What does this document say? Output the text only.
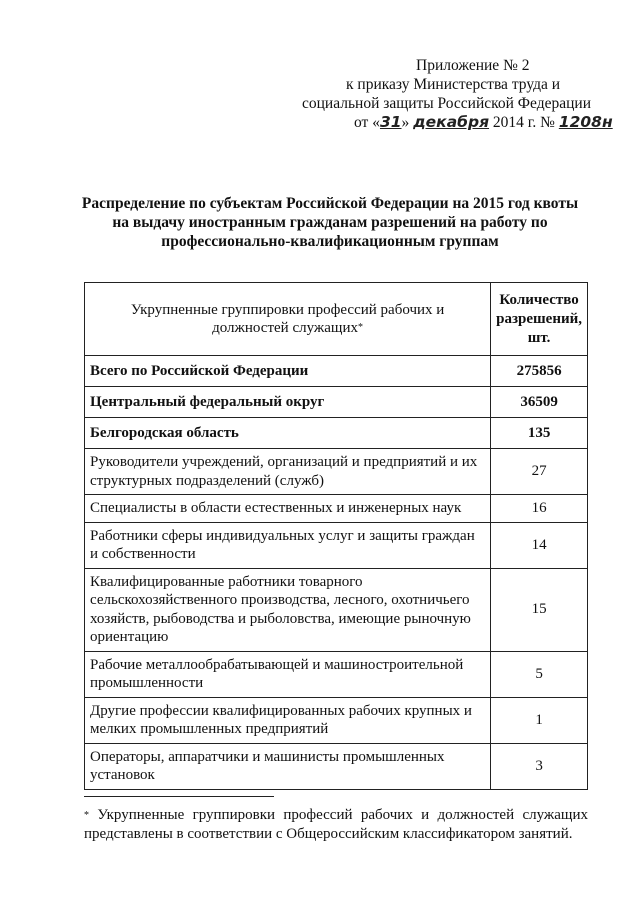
Приложение № 2
к приказу Министерства труда и
социальной защиты Российской Федерации
от «31» декабря 2014 г. № 1208н
Распределение по субъектам Российской Федерации на 2015 год квоты
на выдачу иностранным гражданам разрешений на работу по
профессионально-квалификационным группам
Укрупненные группировки профессий рабочих и должностей служащих*	Количество разрешений, шт.
Всего по Российской Федерации	275856
Центральный федеральный округ	36509
Белгородская область	135
Руководители учреждений, организаций и предприятий и их структурных подразделений (служб)	27
Специалисты в области естественных и инженерных наук	16
Работники сферы индивидуальных услуг и защиты граждан и собственности	14
Квалифицированные работники товарного сельскохозяйственного производства, лесного, охотничьего хозяйств, рыбоводства и рыболовства, имеющие рыночную ориентацию	15
Рабочие металлообрабатывающей и машиностроительной промышленности	5
Другие профессии квалифицированных рабочих крупных и мелких промышленных предприятий	1
Операторы, аппаратчики и машинисты промышленных установок	3
* Укрупненные группировки профессий рабочих и должностей служащих представлены в соответствии с Общероссийским классификатором занятий.
